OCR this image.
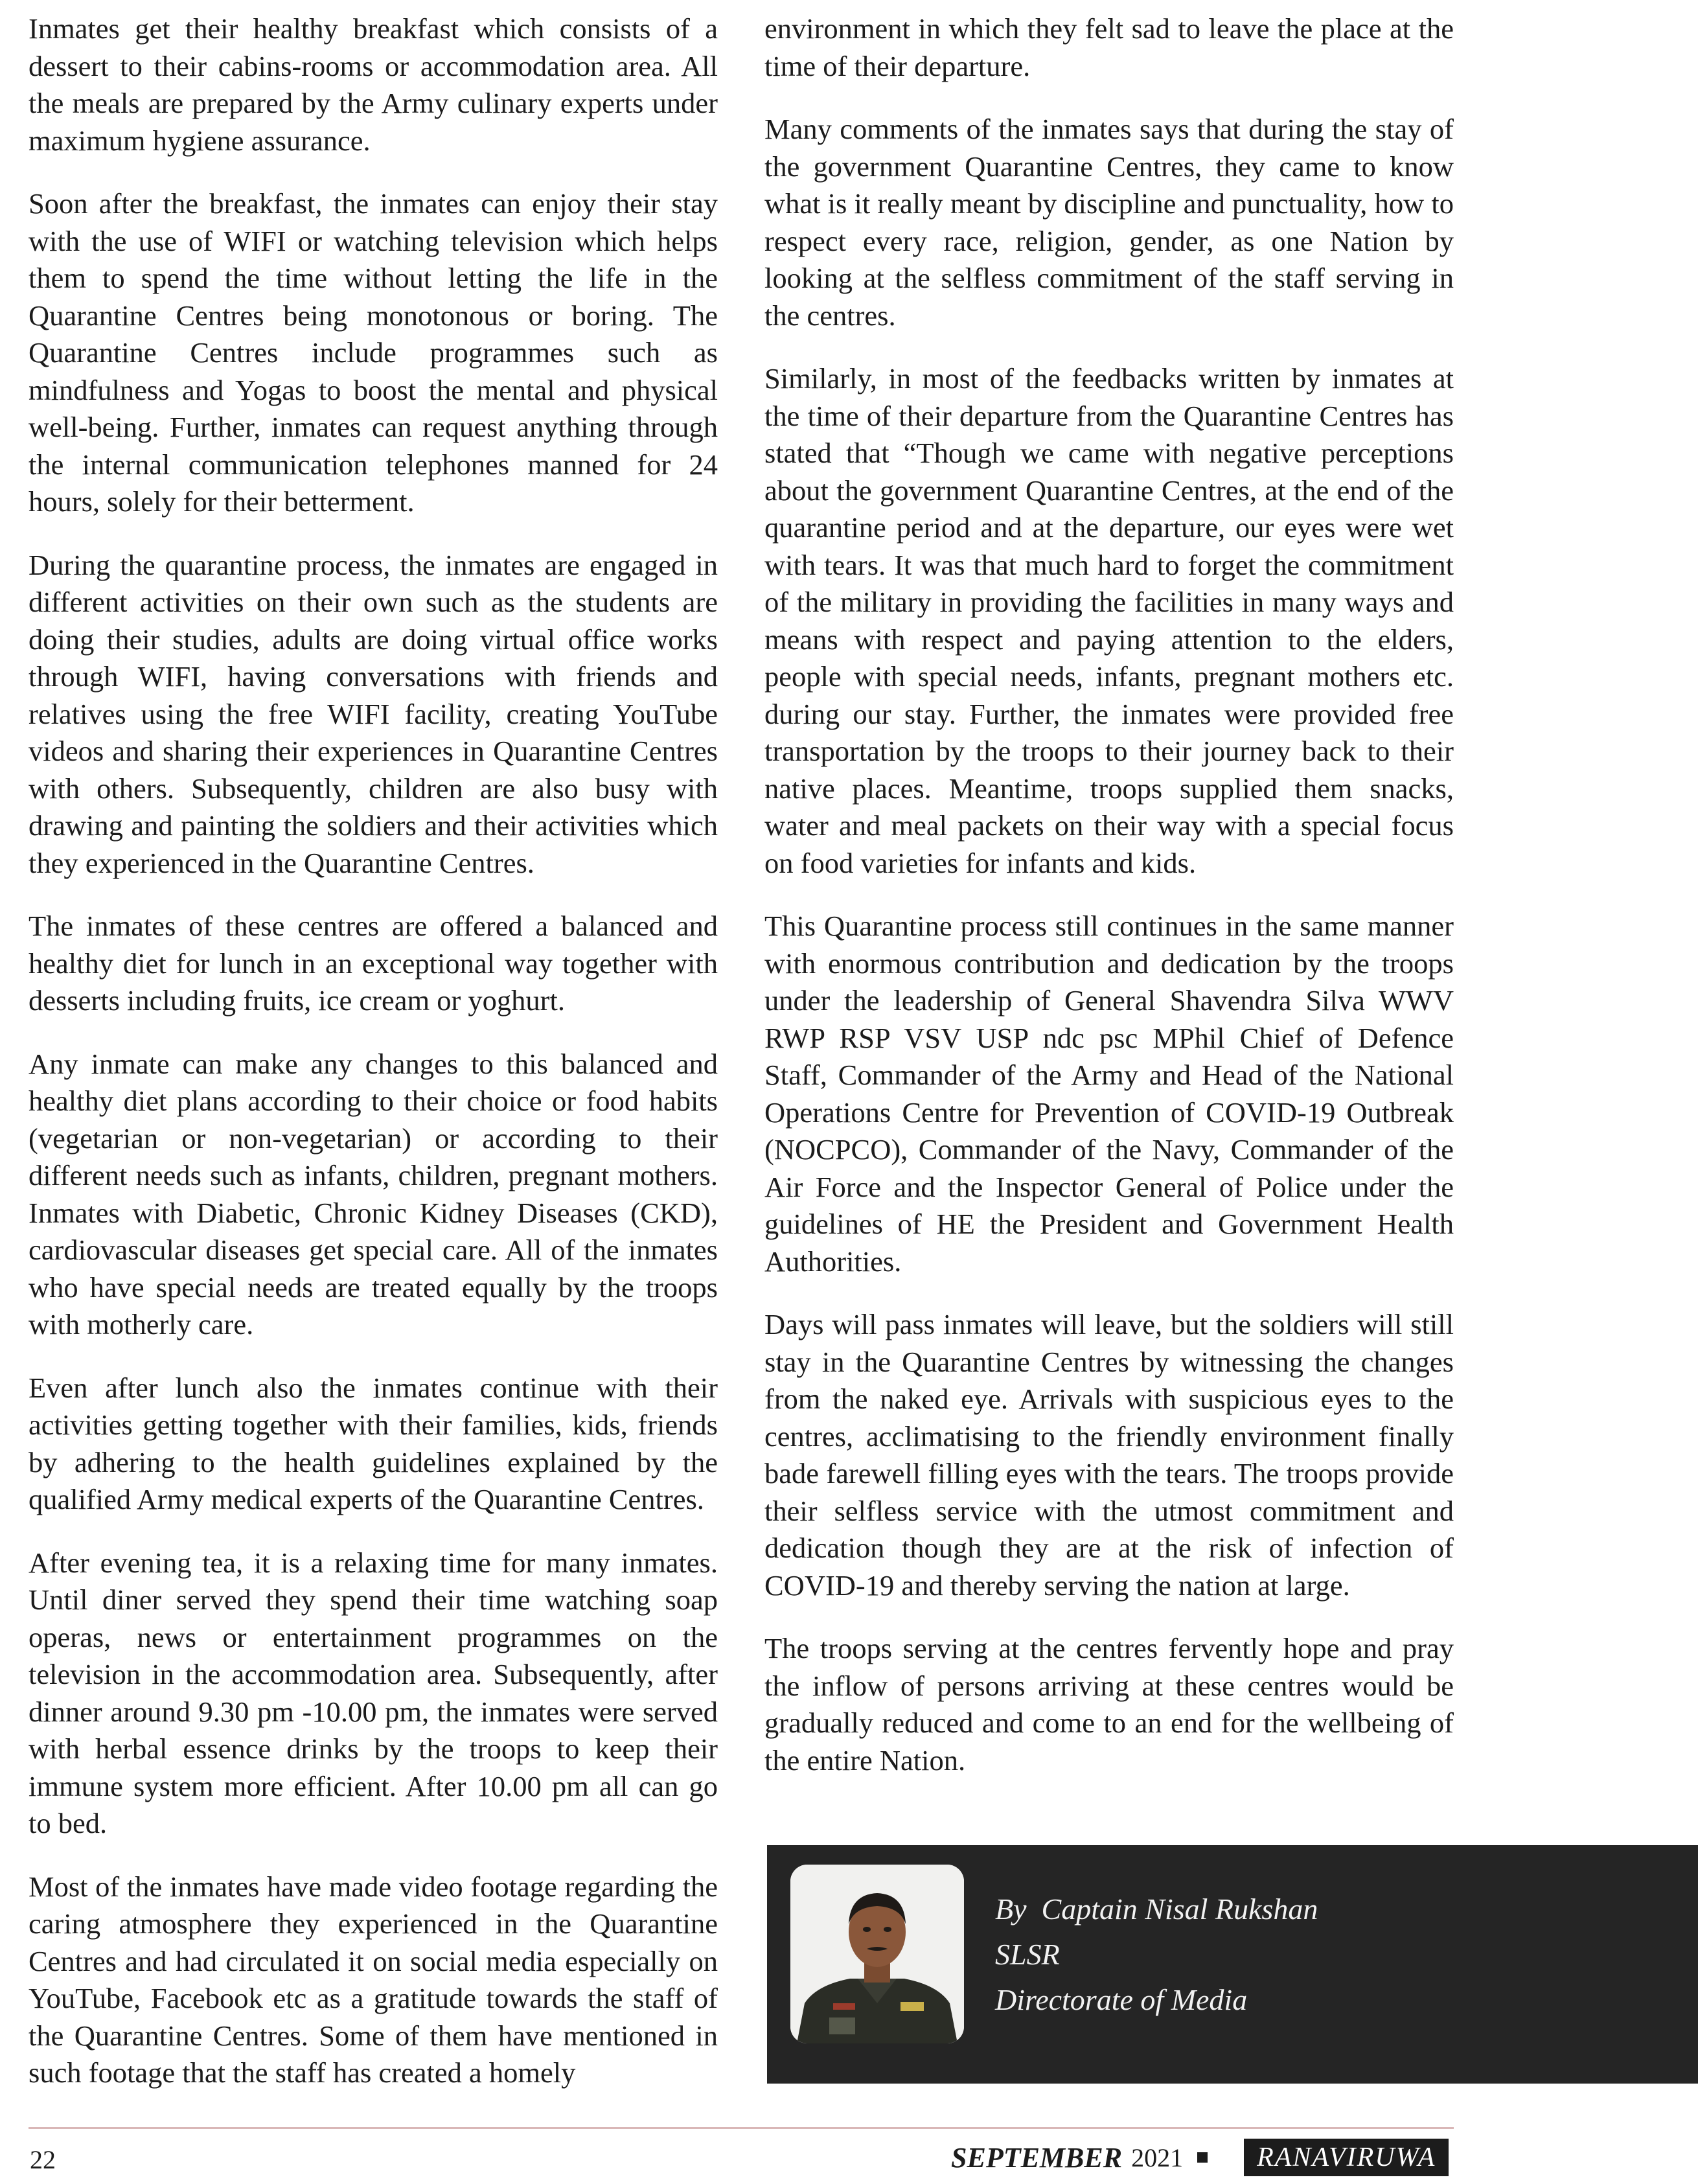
Inmates get their healthy breakfast which consists of a dessert to their cabins-rooms or accommodation area. All the meals are prepared by the Army culinary experts under maximum hygiene assurance.

Soon after the breakfast, the inmates can enjoy their stay with the use of WIFI or watching television which helps them to spend the time without letting the life in the Quarantine Centres being monotonous or boring. The Quarantine Centres include programmes such as mindfulness and Yogas to boost the mental and physical well-being. Further, inmates can request anything through the internal communication telephones manned for 24 hours, solely for their betterment.

During the quarantine process, the inmates are engaged in different activities on their own such as the students are doing their studies, adults are doing virtual office works through WIFI, having conversations with friends and relatives using the free WIFI facility, creating YouTube videos and sharing their experiences in Quarantine Centres with others. Subsequently, children are also busy with drawing and painting the soldiers and their activities which they experienced in the Quarantine Centres.

The inmates of these centres are offered a balanced and healthy diet for lunch in an exceptional way together with desserts including fruits, ice cream or yoghurt.

Any inmate can make any changes to this balanced and healthy diet plans according to their choice or food habits (vegetarian or non-vegetarian) or according to their different needs such as infants, children, pregnant mothers. Inmates with Diabetic, Chronic Kidney Diseases (CKD), cardiovascular diseases get special care. All of the inmates who have special needs are treated equally by the troops with motherly care.

Even after lunch also the inmates continue with their activities getting together with their families, kids, friends by adhering to the health guidelines explained by the qualified Army medical experts of the Quarantine Centres.

After evening tea, it is a relaxing time for many inmates. Until diner served they spend their time watching soap operas, news or entertainment programmes on the television in the accommodation area. Subsequently, after dinner around 9.30 pm -10.00 pm, the inmates were served with herbal essence drinks by the troops to keep their immune system more efficient. After 10.00 pm all can go to bed.

Most of the inmates have made video footage regarding the caring atmosphere they experienced in the Quarantine Centres and had circulated it on social media especially on YouTube, Facebook etc as a gratitude towards the staff of the Quarantine Centres. Some of them have mentioned in such footage that the staff has created a homely

environment in which they felt sad to leave the place at the time of their departure.

Many comments of the inmates says that during the stay of the government Quarantine Centres, they came to know what is it really meant by discipline and punctuality, how to respect every race, religion, gender, as one Nation by looking at the selfless commitment of the staff serving in the centres.

Similarly, in most of the feedbacks written by inmates at the time of their departure from the Quarantine Centres has stated that “Though we came with negative perceptions about the government Quarantine Centres, at the end of the quarantine period and at the departure, our eyes were wet with tears. It was that much hard to forget the commitment of the military in providing the facilities in many ways and means with respect and paying attention to the elders, people with special needs, infants, pregnant mothers etc. during our stay. Further, the inmates were provided free transportation by the troops to their journey back to their native places. Meantime, troops supplied them snacks, water and meal packets on their way with a special focus on food varieties for infants and kids.

This Quarantine process still continues in the same manner with enormous contribution and dedication by the troops under the leadership of General Shavendra Silva WWV RWP RSP VSV USP ndc psc MPhil Chief of Defence Staff, Commander of the Army and Head of the National Operations Centre for Prevention of COVID-19 Outbreak (NOCPCO), Commander of the Navy, Commander of the Air Force and the Inspector General of Police under the guidelines of HE the President and Government Health Authorities.

Days will pass inmates will leave, but the soldiers will still stay in the Quarantine Centres by witnessing the changes from the naked eye. Arrivals with suspicious eyes to the centres, acclimatising to the friendly environment finally bade farewell filling eyes with the tears. The troops provide their selfless service with the utmost commitment and dedication though they are at the risk of infection of COVID-19 and thereby serving the nation at large.

The troops serving at the centres fervently hope and pray the inflow of persons arriving at these centres would be gradually reduced and come to an end for the wellbeing of the entire Nation.

By  Captain Nisal Rukshan
SLSR
Directorate of Media
22	SEPTEMBER 2021	RANAVIRUWA
